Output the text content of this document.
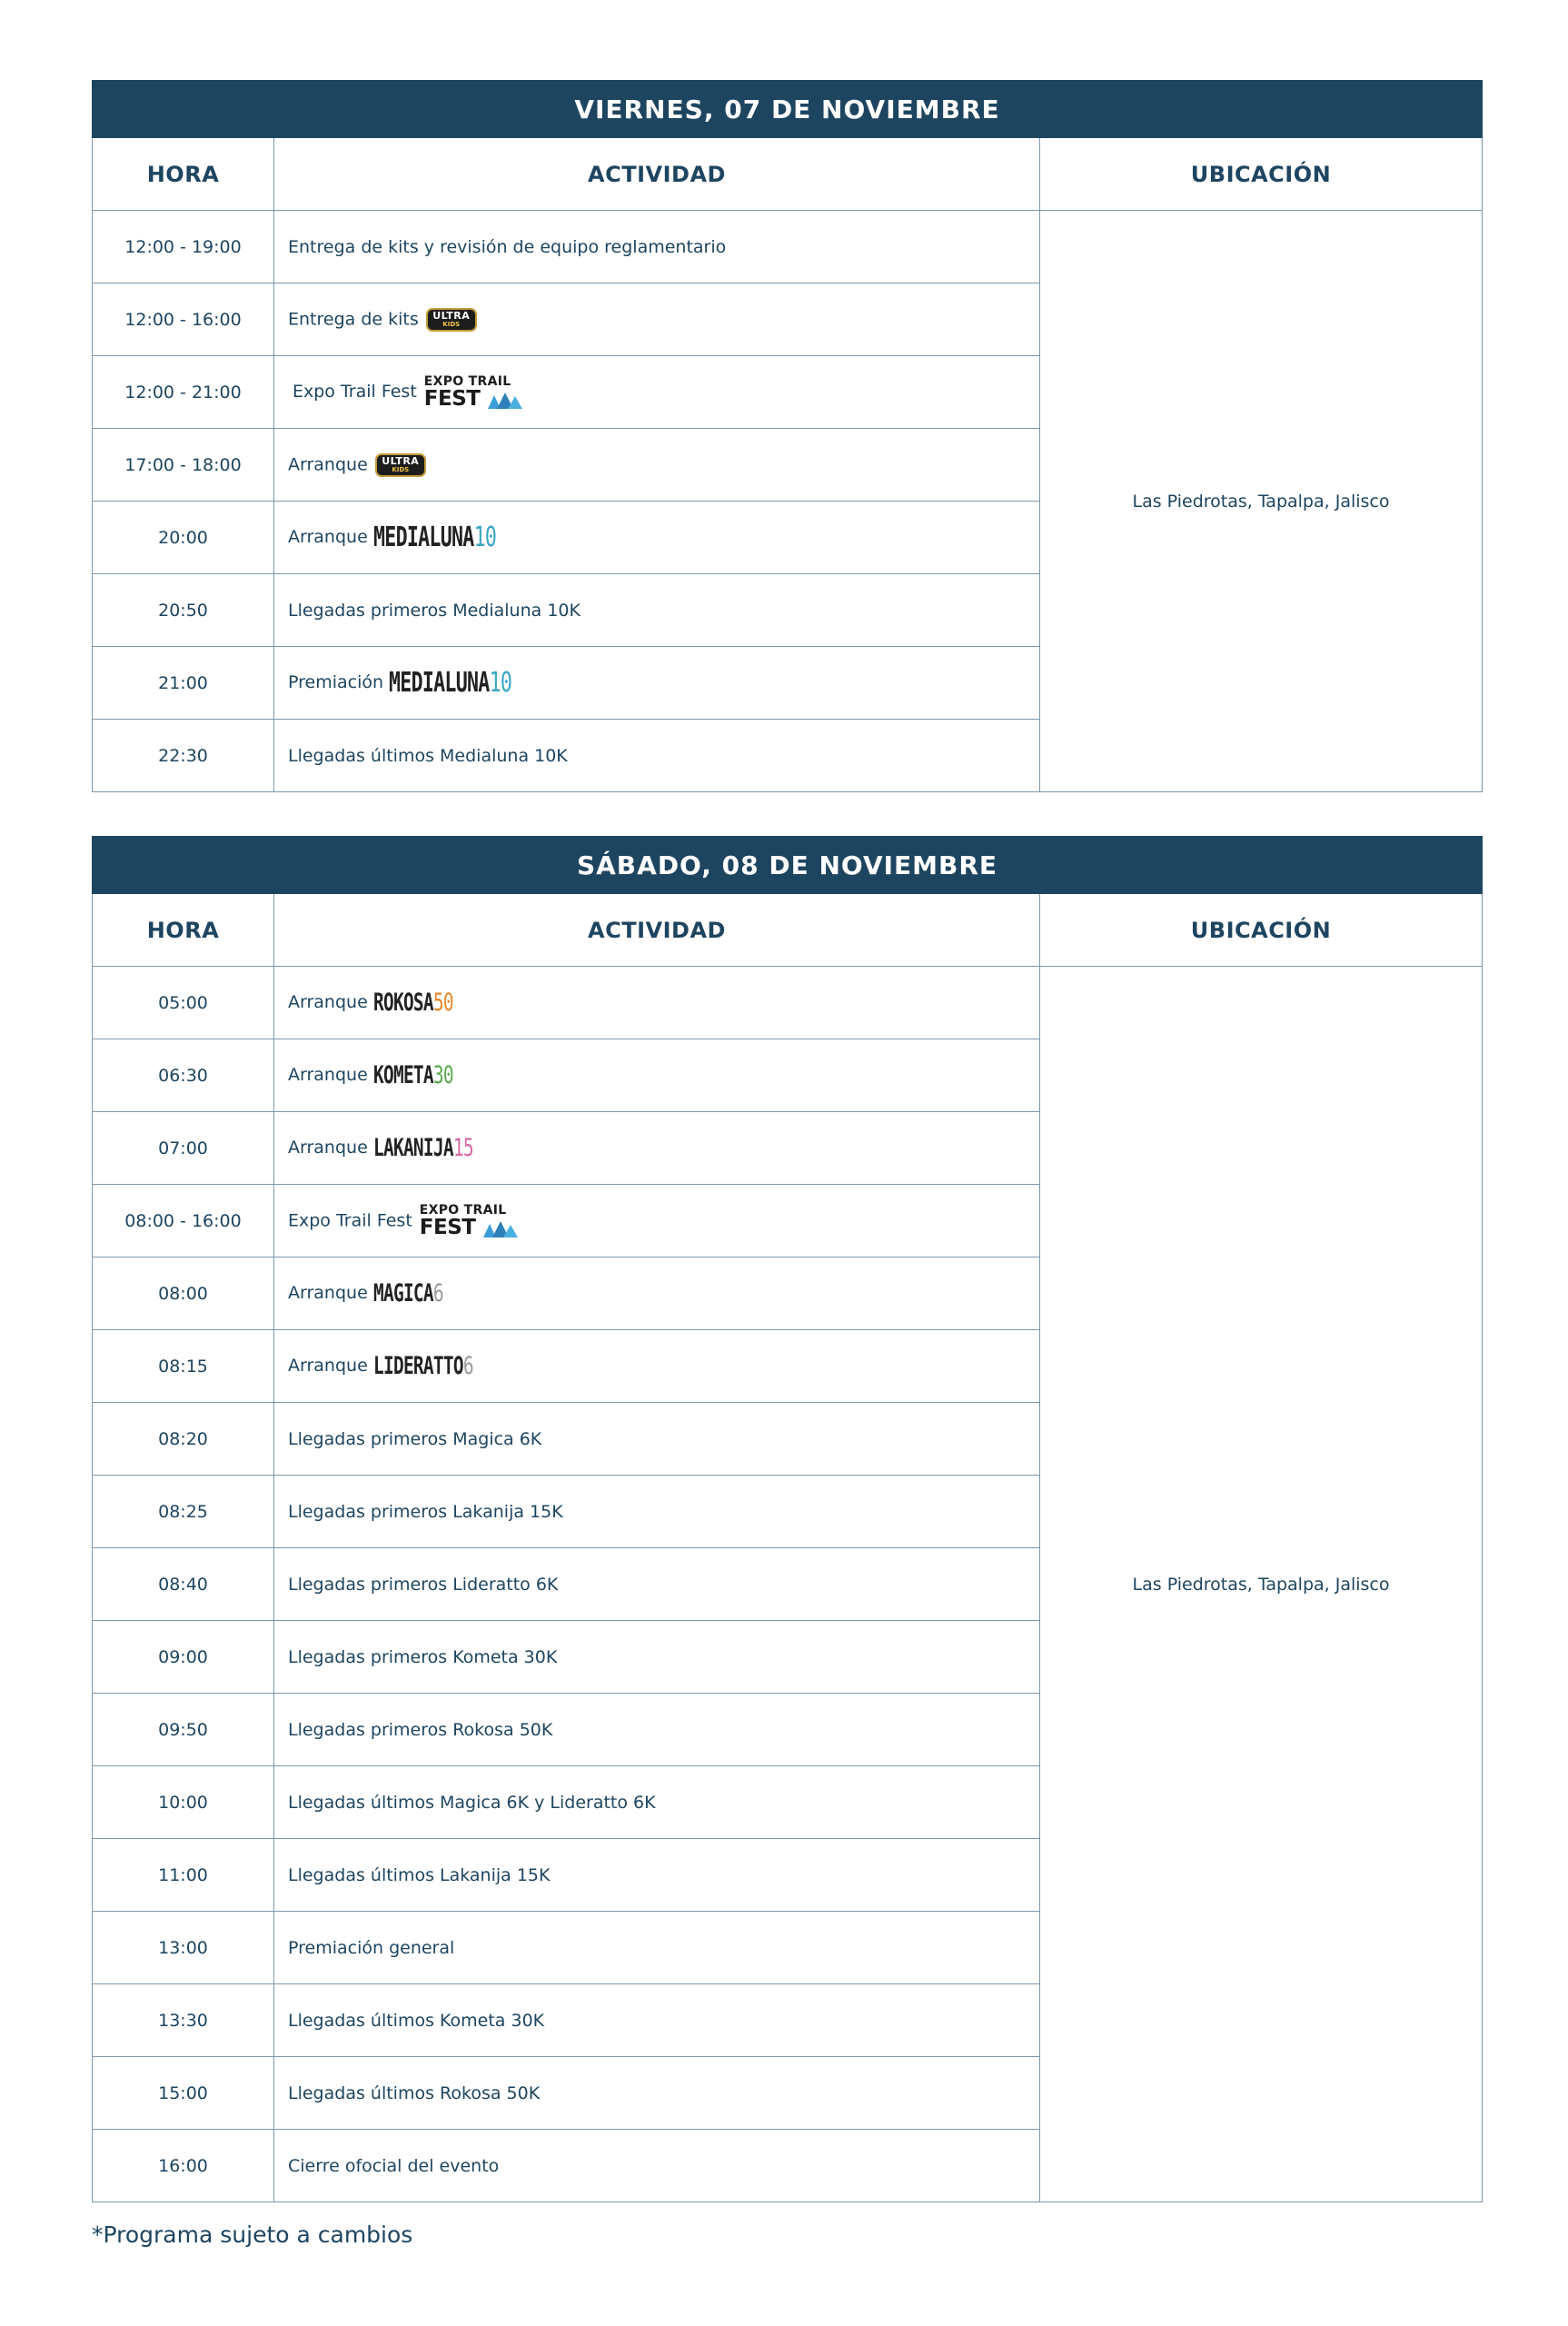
VIERNES, 07 DE NOVIEMBRE		
HORA	ACTIVIDAD	UBICACIÓN
12:00 - 19:00	Entrega de kits y revisión de equipo reglamentario	Las Piedrotas, Tapalpa, Jalisco
12:00 - 16:00	Entrega de kits ULTRA
KIDS	

12:00 - 21:00	Expo Trail Fest
EXPO TRAIL
FEST	

17:00 - 18:00	Arranque ULTRA
KIDS	

20:00	Arranque MEDIALUNA10	
20:50	Llegadas primeros Medialuna 10K	
21:00	Premiación MEDIALUNA10	
22:30	Llegadas últimos Medialuna 10K	
SÁBADO, 08 DE NOVIEMBRE		
HORA	ACTIVIDAD	UBICACIÓN
05:00	Arranque ROKOSA50	Las Piedrotas, Tapalpa, Jalisco
06:30	Arranque KOMETA30	
07:00	Arranque LAKANIJA15	
08:00 - 16:00	Expo Trail Fest
EXPO TRAIL
FEST	

08:00	Arranque MAGICA6	
08:15	Arranque LIDERATTO6	
08:20	Llegadas primeros Magica 6K	
08:25	Llegadas primeros Lakanija 15K	
08:40	Llegadas primeros Lideratto 6K	
09:00	Llegadas primeros Kometa 30K	
09:50	Llegadas primeros Rokosa 50K	
10:00	Llegadas últimos Magica 6K y Lideratto 6K	
11:00	Llegadas últimos Lakanija 15K	
13:00	Premiación general	
13:30	Llegadas últimos Kometa 30K	
15:00	Llegadas últimos Rokosa 50K	
16:00	Cierre ofocial del evento	
*Programa sujeto a cambios
